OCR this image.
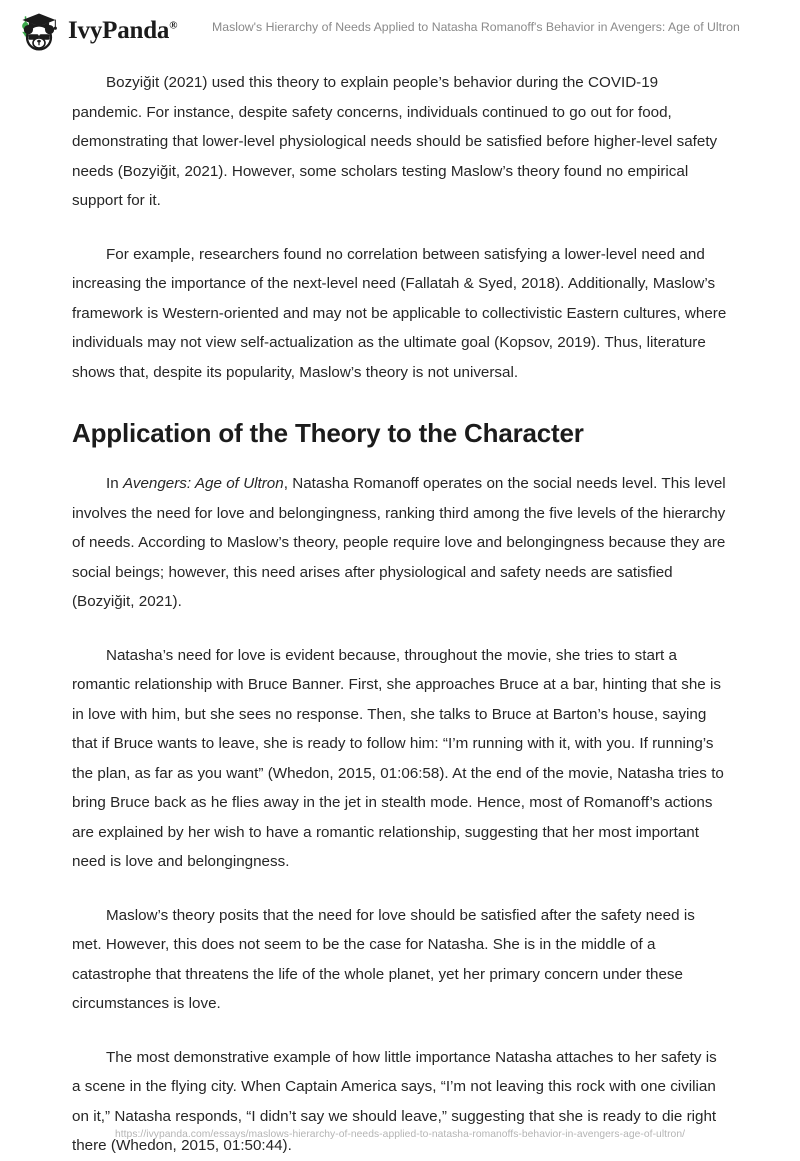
IvyPanda®	Maslow's Hierarchy of Needs Applied to Natasha Romanoff's Behavior in Avengers: Age of Ultron

Bozyiğit (2021) used this theory to explain people’s behavior during the COVID-19 pandemic. For instance, despite safety concerns, individuals continued to go out for food, demonstrating that lower-level physiological needs should be satisfied before higher-level safety needs (Bozyiğit, 2021). However, some scholars testing Maslow’s theory found no empirical support for it.

For example, researchers found no correlation between satisfying a lower-level need and increasing the importance of the next-level need (Fallatah & Syed, 2018). Additionally, Maslow’s framework is Western-oriented and may not be applicable to collectivistic Eastern cultures, where individuals may not view self-actualization as the ultimate goal (Kopsov, 2019). Thus, literature shows that, despite its popularity, Maslow’s theory is not universal.

Application of the Theory to the Character

In Avengers: Age of Ultron, Natasha Romanoff operates on the social needs level. This level involves the need for love and belongingness, ranking third among the five levels of the hierarchy of needs. According to Maslow’s theory, people require love and belongingness because they are social beings; however, this need arises after physiological and safety needs are satisfied (Bozyiğit, 2021).

Natasha’s need for love is evident because, throughout the movie, she tries to start a romantic relationship with Bruce Banner. First, she approaches Bruce at a bar, hinting that she is in love with him, but she sees no response. Then, she talks to Bruce at Barton’s house, saying that if Bruce wants to leave, she is ready to follow him: “I’m running with it, with you. If running’s the plan, as far as you want” (Whedon, 2015, 01:06:58). At the end of the movie, Natasha tries to bring Bruce back as he flies away in the jet in stealth mode. Hence, most of Romanoff’s actions are explained by her wish to have a romantic relationship, suggesting that her most important need is love and belongingness.

Maslow’s theory posits that the need for love should be satisfied after the safety need is met. However, this does not seem to be the case for Natasha. She is in the middle of a catastrophe that threatens the life of the whole planet, yet her primary concern under these circumstances is love.

The most demonstrative example of how little importance Natasha attaches to her safety is a scene in the flying city. When Captain America says, “I’m not leaving this rock with one civilian on it,” Natasha responds, “I didn’t say we should leave,” suggesting that she is ready to die right there (Whedon, 2015, 01:50:44).

https://ivypanda.com/essays/maslows-hierarchy-of-needs-applied-to-natasha-romanoffs-behavior-in-avengers-age-of-ultron/
